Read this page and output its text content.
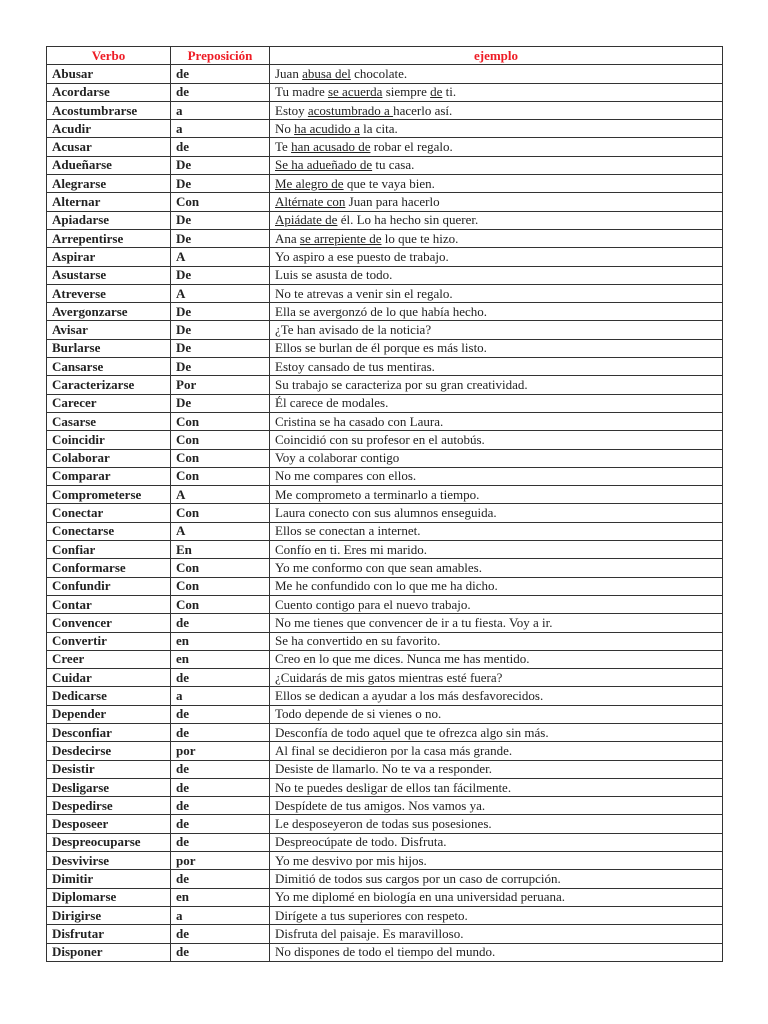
Verbo	Preposición	ejemplo
Abusar	de	Juan abusa del chocolate.
Acordarse	de	Tu madre se acuerda siempre de ti.
Acostumbrarse	a	Estoy acostumbrado a hacerlo así.
Acudir	a	No ha acudido a la cita.
Acusar	de	Te han acusado de robar el regalo.
Adueñarse	De	Se ha adueñado de tu casa.
Alegrarse	De	Me alegro de que te vaya bien.
Alternar	Con	Altérnate con Juan para hacerlo
Apiadarse	De	Apiádate de él. Lo ha hecho sin querer.
Arrepentirse	De	Ana se arrepiente de lo que te hizo.
Aspirar	A	Yo aspiro a ese puesto de trabajo.
Asustarse	De	Luis se asusta de todo.
Atreverse	A	No te atrevas a venir sin el regalo.
Avergonzarse	De	Ella se avergonzó de lo que había hecho.
Avisar	De	¿Te han avisado de la noticia?
Burlarse	De	Ellos se burlan de él porque es más listo.
Cansarse	De	Estoy cansado de tus mentiras.
Caracterizarse	Por	Su trabajo se caracteriza por su gran creatividad.
Carecer	De	Él carece de modales.
Casarse	Con	Cristina se ha casado con Laura.
Coincidir	Con	Coincidió con su profesor en el autobús.
Colaborar	Con	Voy a colaborar contigo
Comparar	Con	No me compares con ellos.
Comprometerse	A	Me comprometo a terminarlo a tiempo.
Conectar	Con	Laura conecto con sus alumnos enseguida.
Conectarse	A	Ellos se conectan a internet.
Confiar	En	Confío en ti. Eres mi marido.
Conformarse	Con	Yo me conformo con que sean amables.
Confundir	Con	Me he confundido con lo que me ha dicho.
Contar	Con	Cuento contigo para el nuevo trabajo.
Convencer	de	No me tienes que convencer de ir a tu fiesta. Voy a ir.
Convertir	en	Se ha convertido en su favorito.
Creer	en	Creo en lo que me dices. Nunca me has mentido.
Cuidar	de	¿Cuidarás de mis gatos mientras esté fuera?
Dedicarse	a	Ellos se dedican a ayudar a los más desfavorecidos.
Depender	de	Todo depende de si vienes o no.
Desconfiar	de	Desconfía de todo aquel que te ofrezca algo sin más.
Desdecirse	por	Al final se decidieron por la casa más grande.
Desistir	de	Desiste de llamarlo. No te va a responder.
Desligarse	de	No te puedes desligar de ellos tan fácilmente.
Despedirse	de	Despídete de tus amigos. Nos vamos ya.
Desposeer	de	Le desposeyeron de todas sus posesiones.
Despreocuparse	de	Despreocúpate de todo. Disfruta.
Desvivirse	por	Yo me desvivo por mis hijos.
Dimitir	de	Dimitió de todos sus cargos por un caso de corrupción.
Diplomarse	en	Yo me diplomé en biología en una universidad peruana.
Dirigirse	a	Dirígete a tus superiores con respeto.
Disfrutar	de	Disfruta del paisaje. Es maravilloso.
Disponer	de	No dispones de todo el tiempo del mundo.
